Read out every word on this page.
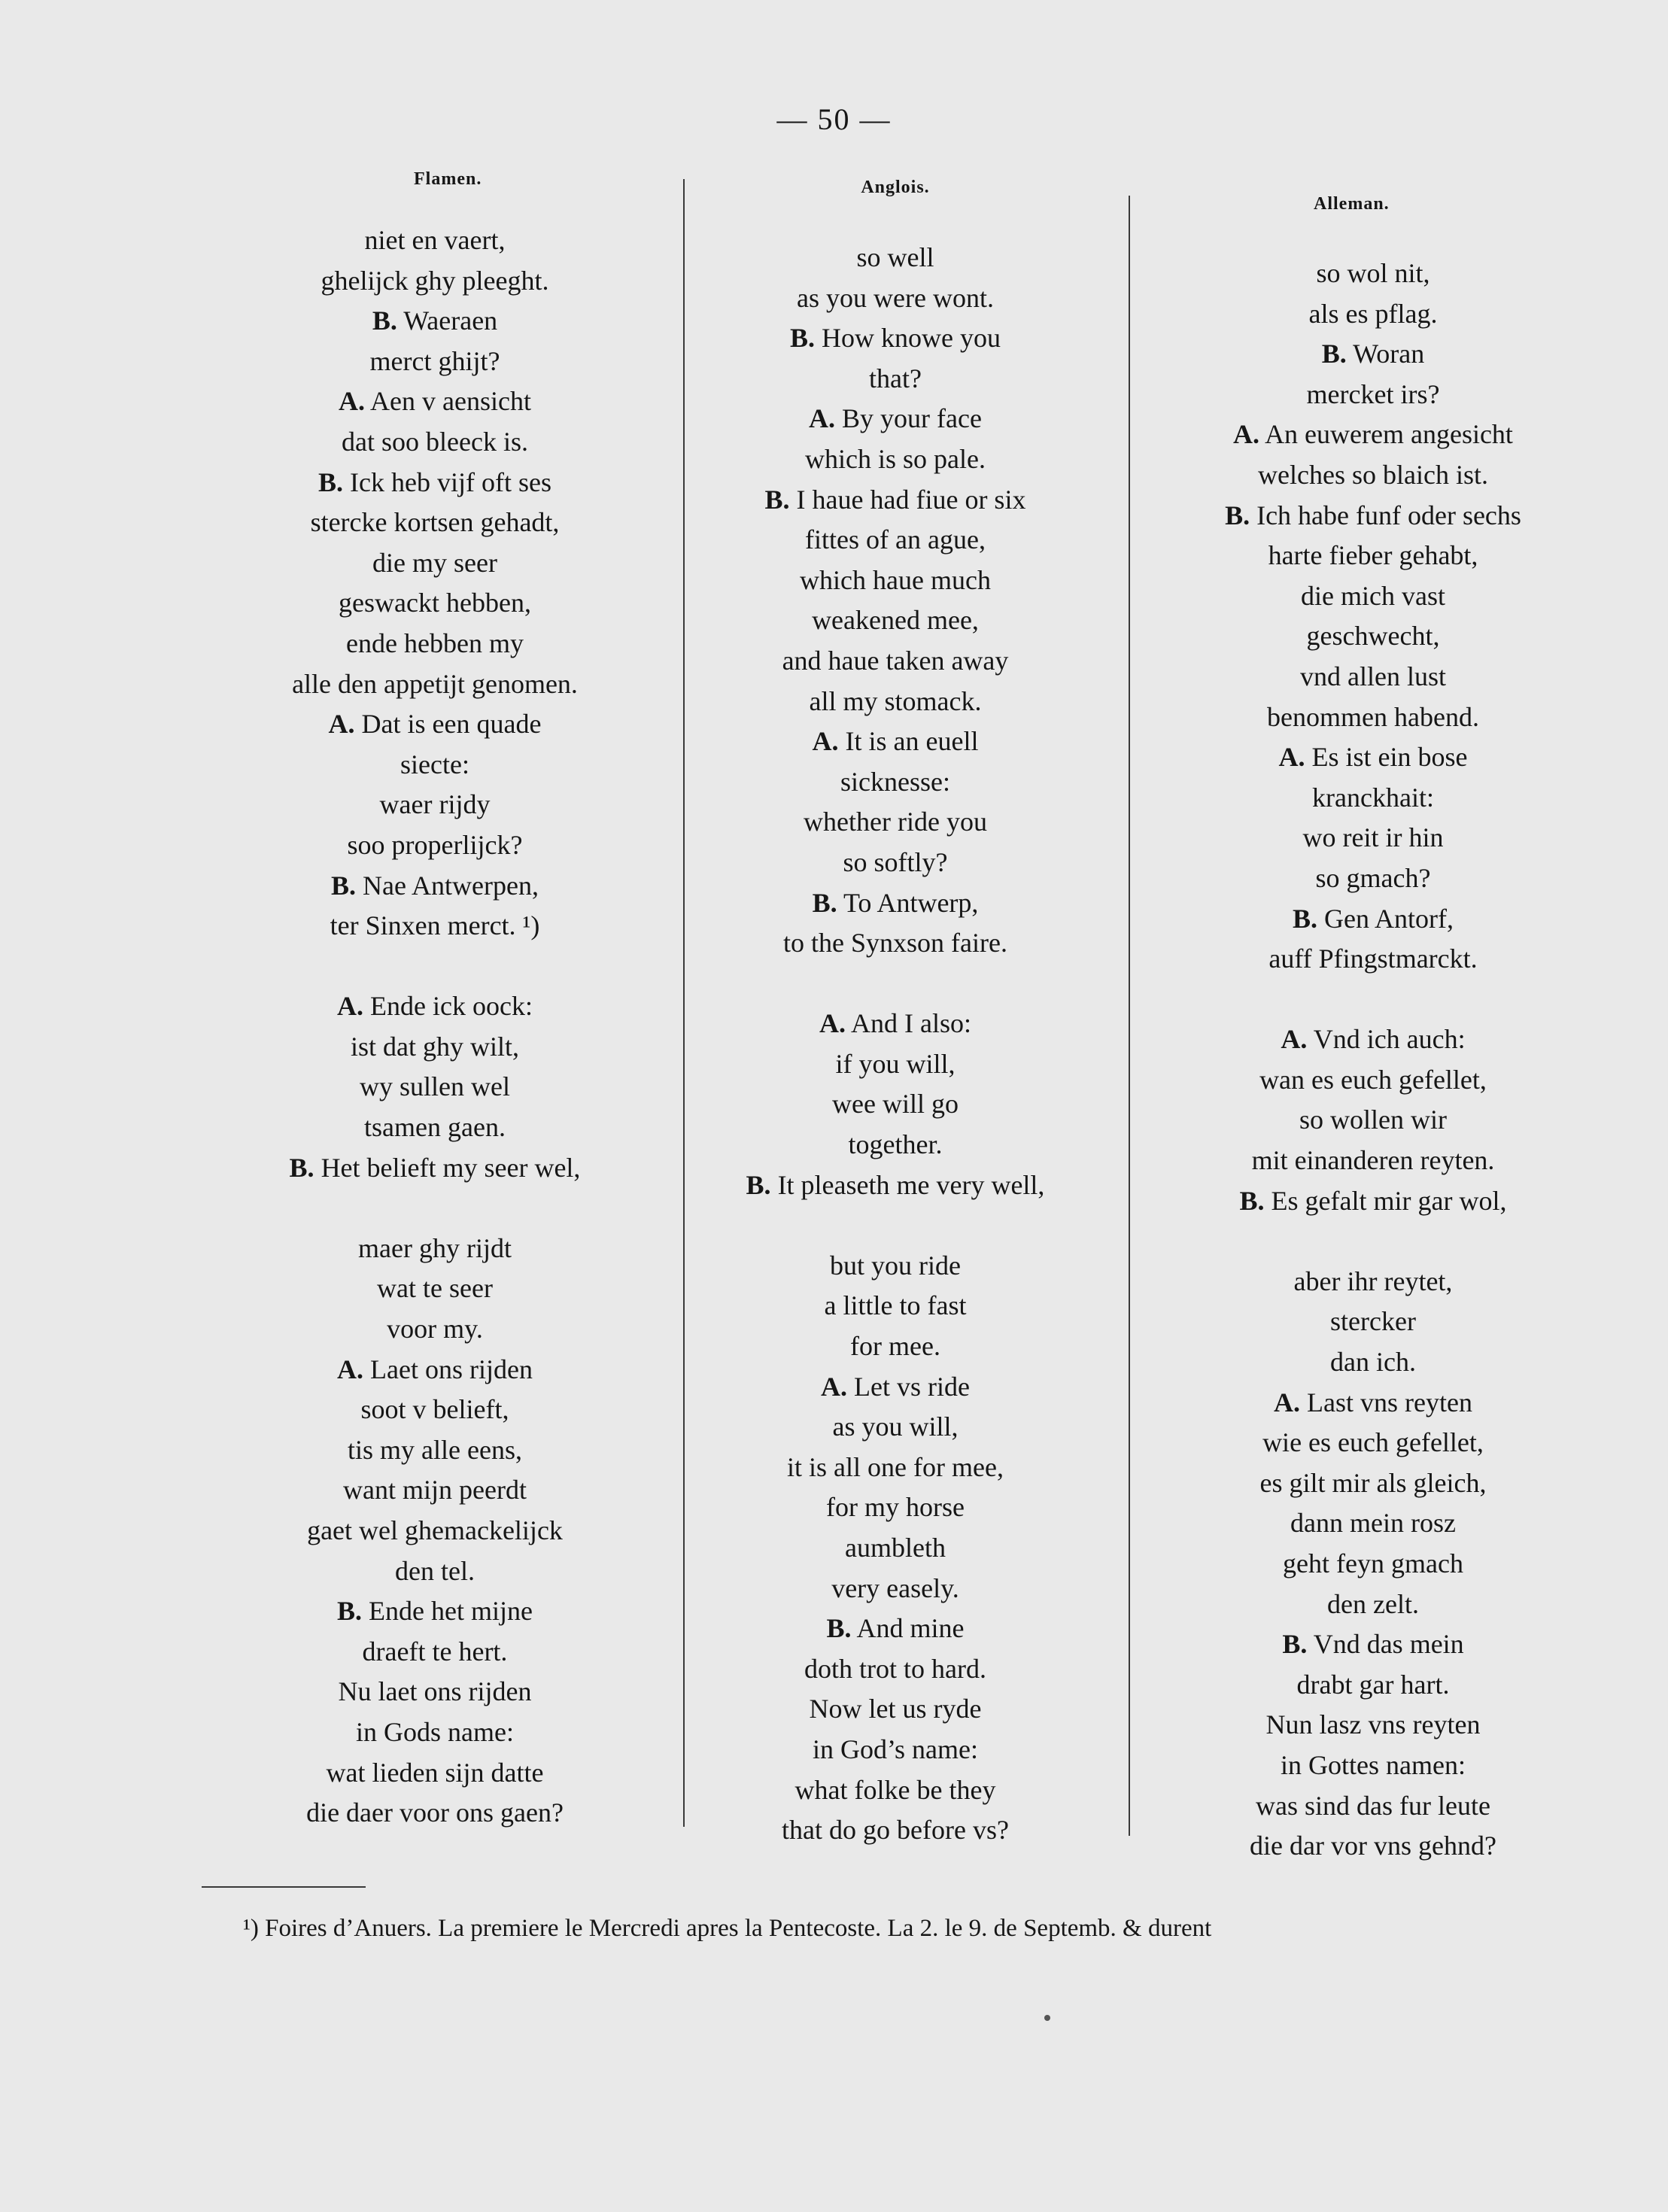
— 50 —
Flamen.
niet en vaert,
ghelijck ghy pleeght.
B. Waeraen
merct ghijt?
A. Aen v aensicht
dat soo bleeck is.
B. Ick heb vijf oft ses
stercke kortsen gehadt,
die my seer
geswackt hebben,
ende hebben my
alle den appetijt genomen.
A. Dat is een quade
siecte:
waer rijdy
soo properlijck?
B. Nae Antwerpen,
ter Sinxen merct. ¹)
A. Ende ick oock:
ist dat ghy wilt,
wy sullen wel
tsamen gaen.
B. Het belieft my seer wel,
maer ghy rijdt
wat te seer
voor my.
A. Laet ons rijden
soot v belieft,
tis my alle eens,
want mijn peerdt
gaet wel ghemackelijck
den tel.
B. Ende het mijne
draeft te hert.
Nu laet ons rijden
in Gods name:
wat lieden sijn datte
die daer voor ons gaen?
Anglois.
so well
as you were wont.
B. How knowe you
that?
A. By your face
which is so pale.
B. I haue had fiue or six
fittes of an ague,
which haue much
weakened mee,
and haue taken away
all my stomack.
A. It is an euell
sicknesse:
whether ride you
so softly?
B. To Antwerp,
to the Synxson faire.
A. And I also:
if you will,
wee will go
together.
B. It pleaseth me very well,
but you ride
a little to fast
for mee.
A. Let vs ride
as you will,
it is all one for mee,
for my horse
aumbleth
very easely.
B. And mine
doth trot to hard.
Now let us ryde
in God’s name:
what folke be they
that do go before vs?
Alleman.
so wol nit,
als es pflag.
B. Woran
mercket irs?
A. An euwerem angesicht
welches so blaich ist.
B. Ich habe funf oder sechs
harte fieber gehabt,
die mich vast
geschwecht,
vnd allen lust
benommen habend.
A. Es ist ein bose
kranckhait:
wo reit ir hin
so gmach?
B. Gen Antorf,
auff Pfingstmarckt.
A. Vnd ich auch:
wan es euch gefellet,
so wollen wir
mit einanderen reyten.
B. Es gefalt mir gar wol,
aber ihr reytet,
stercker
dan ich.
A. Last vns reyten
wie es euch gefellet,
es gilt mir als gleich,
dann mein rosz
geht feyn gmach
den zelt.
B. Vnd das mein
drabt gar hart.
Nun lasz vns reyten
in Gottes namen:
was sind das fur leute
die dar vor vns gehnd?
¹) Foires d’Anuers. La premiere le Mercredi apres la Pentecoste. La 2. le 9. de Septemb. & durent
